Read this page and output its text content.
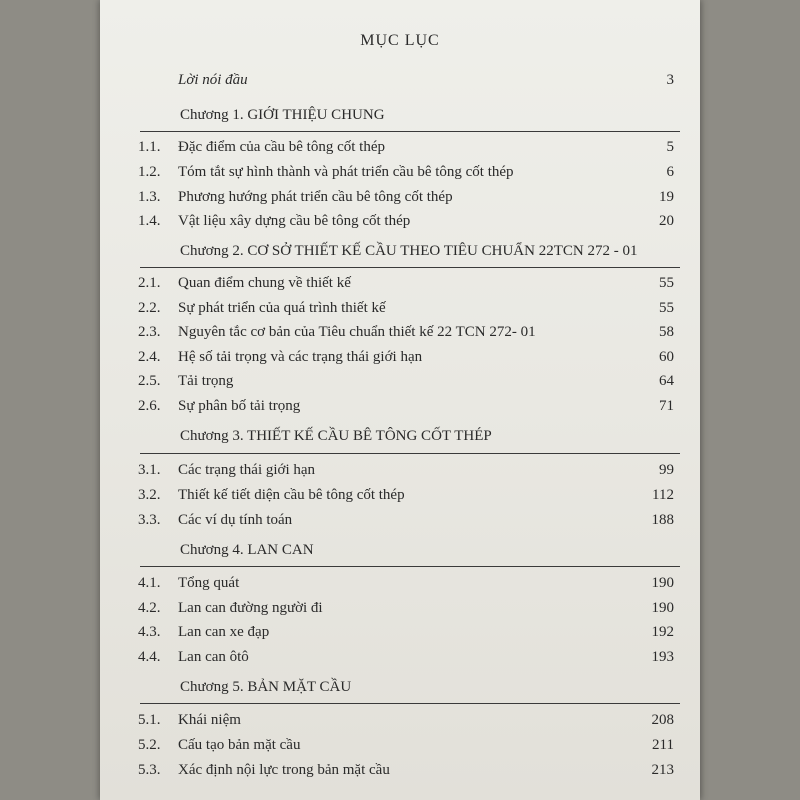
MỤC LỤC
Lời nói đầu	3
Chương 1. GIỚI THIỆU CHUNG
1.1. Đặc điểm của cầu bê tông cốt thép	5
1.2. Tóm tắt sự hình thành và phát triển cầu bê tông cốt thép	6
1.3. Phương hướng phát triển cầu bê tông cốt thép	19
1.4. Vật liệu xây dựng cầu bê tông cốt thép	20
Chương 2. CƠ SỞ THIẾT KẾ CẦU THEO TIÊU CHUẨN 22TCN 272 - 01
2.1. Quan điểm chung về thiết kế	55
2.2. Sự phát triển của quá trình thiết kế	55
2.3. Nguyên tắc cơ bản của Tiêu chuẩn thiết kế 22 TCN 272- 01	58
2.4. Hệ số tải trọng và các trạng thái giới hạn	60
2.5. Tải trọng	64
2.6. Sự phân bố tải trọng	71
Chương 3. THIẾT KẾ CẦU BÊ TÔNG CỐT THÉP
3.1. Các trạng thái giới hạn	99
3.2. Thiết kế tiết diện cầu bê tông cốt thép	112
3.3. Các ví dụ tính toán	188
Chương 4. LAN CAN
4.1. Tổng quát	190
4.2. Lan can đường người đi	190
4.3. Lan can xe đạp	192
4.4. Lan can ôtô	193
Chương 5. BẢN MẶT CẦU
5.1. Khái niệm	208
5.2. Cấu tạo bản mặt cầu	211
5.3. Xác định nội lực trong bản mặt cầu	213
